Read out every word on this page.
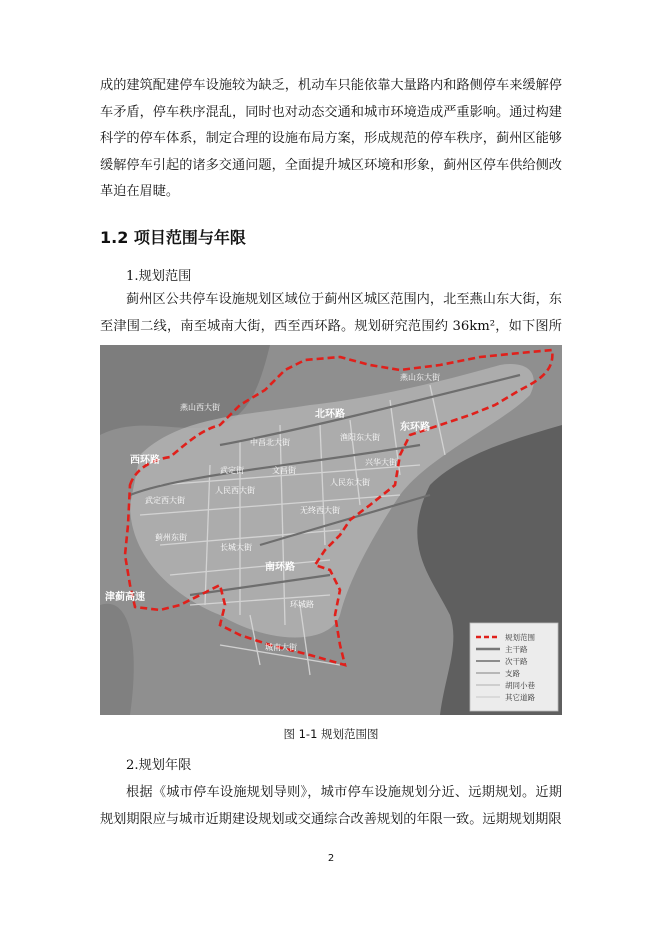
成的建筑配建停车设施较为缺乏，机动车只能依靠大量路内和路侧停车来缓解停车矛盾，停车秩序混乱，同时也对动态交通和城市环境造成严重影响。通过构建科学的停车体系，制定合理的设施布局方案，形成规范的停车秩序，蓟州区能够缓解停车引起的诸多交通问题，全面提升城区环境和形象，蓟州区停车供给侧改革迫在眉睫。
1.2 项目范围与年限
1.规划范围
蓟州区公共停车设施规划区域位于蓟州区城区范围内，北至燕山东大街，东至津围二线，南至城南大街，西至西环路。规划研究范围约 36km²，如下图所
燕山西大街
燕山东大街
北环路
渔阳东大街
中昌北大街
文昌街
武定街
人民西大街
人民东大街
武定西大街
西环路
蓟州东街
无终西大街
东环路
南环路
长城大街
城南大街
津蓟高速
环城路
兴华大街
规划范围
主干路
次干路
支路
胡同小巷
其它道路
图 1-1 规划范围图
2.规划年限
根据《城市停车设施规划导则》，城市停车设施规划分近、远期规划。近期规划期限应与城市近期建设规划或交通综合改善规划的年限一致。远期规划期限
2
